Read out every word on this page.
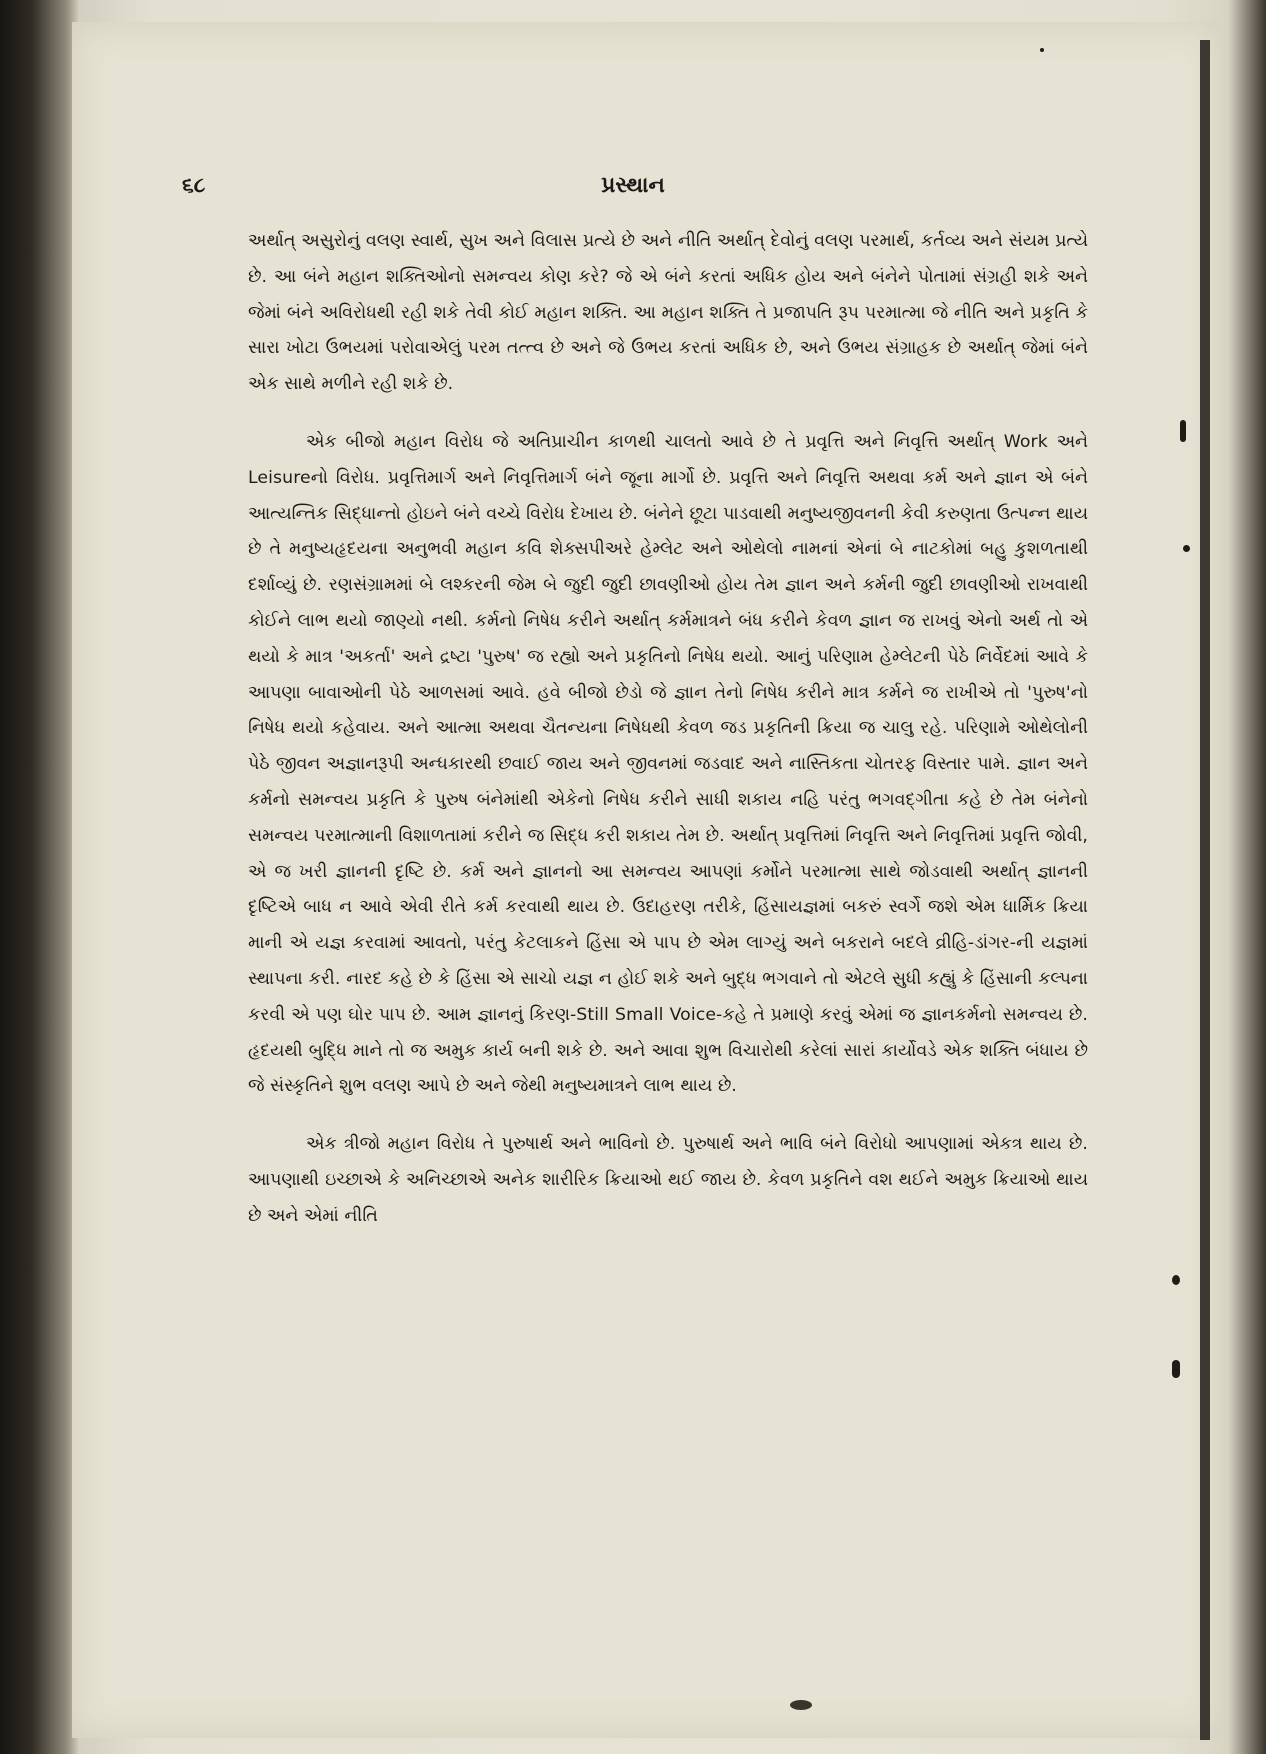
૬૮	પ્રસ્થાન

અર્થાત્ અસુરોનું વલણ સ્વાર્થ, સુખ અને વિલાસ પ્રત્યે છે અને નીતિ અર્થાત્ દેવોનું વલણ પરમાર્થ, કર્તવ્ય અને સંયમ પ્રત્યે છે. આ બંને મહાન શક્તિઓનો સમન્વય કોણ કરે? જે એ બંને કરતાં અધિક હોય અને બંનેને પોતામાં સંગ્રહી શકે અને જેમાં બંને અવિરોધથી રહી શકે તેવી કોઈ મહાન શક્તિ. આ મહાન શક્તિ તે પ્રજાપતિ રૂપ પરમાત્મા જે નીતિ અને પ્રકૃતિ કે સારા ખોટા ઉભયમાં પરોવાએલું પરમ તત્ત્વ છે અને જે ઉભય કરતાં અધિક છે, અને ઉભય સંગ્રાહક છે અર્થાત્ જેમાં બંને એક સાથે મળીને રહી શકે છે.

એક બીજો મહાન વિરોધ જે અતિપ્રાચીન કાળથી ચાલતો આવે છે તે પ્રવૃત્તિ અને નિવૃત્તિ અર્થાત્ Work અને Leisureનો વિરોધ. પ્રવૃત્તિમાર્ગ અને નિવૃત્તિમાર્ગ બંને જૂના માર્ગો છે. પ્રવૃત્તિ અને નિવૃત્તિ અથવા કર્મ અને જ્ઞાન એ બંને આત્યન્તિક સિદ્ધાન્તો હોઇને બંને વચ્ચે વિરોધ દેખાય છે. બંનેને છૂટા પાડવાથી મનુષ્યજીવનની કેવી કરુણતા ઉત્પન્ન થાય છે તે મનુષ્યહૃદયના અનુભવી મહાન કવિ શેક્સપીઅરે હેમ્લેટ અને ઓથેલો નામનાં એનાં બે નાટકોમાં બહુ કુશળતાથી દર્શાવ્યું છે. રણસંગ્રામમાં બે લશ્કરની જેમ બે જુદી જુદી છાવણીઓ હોય તેમ જ્ઞાન અને કર્મની જુદી છાવણીઓ રાખવાથી કોઈને લાભ થયો જાણ્યો નથી. કર્મનો નિષેધ કરીને અર્થાત્ કર્મમાત્રને બંધ કરીને કેવળ જ્ઞાન જ રાખવું એનો અર્થ તો એ થયો કે માત્ર 'અકર્તા' અને દ્રષ્ટા 'પુરુષ' જ રહ્યો અને પ્રકૃતિનો નિષેધ થયો. આનું પરિણામ હેમ્લેટની પેઠે નિર્વેદમાં આવે કે આપણા બાવાઓની પેઠે આળસમાં આવે. હવે બીજો છેડો જે જ્ઞાન તેનો નિષેધ કરીને માત્ર કર્મને જ રાખીએ તો 'પુરુષ'નો નિષેધ થયો કહેવાય. અને આત્મા અથવા ચૈતન્યના નિષેધથી કેવળ જડ પ્રકૃતિની ક્રિયા જ ચાલુ રહે. પરિણામે ઓથેલોની પેઠે જીવન અજ્ઞાનરૂપી અન્ધકારથી છવાઈ જાય અને જીવનમાં જડવાદ અને નાસ્તિકતા ચોતરફ વિસ્તાર પામે. જ્ઞાન અને કર્મનો સમન્વય પ્રકૃતિ કે પુરુષ બંનેમાંથી એકેનો નિષેધ કરીને સાધી શકાય નહિ પરંતુ ભગવદ્ગીતા કહે છે તેમ બંનેનો સમન્વય પરમાત્માની વિશાળતામાં કરીને જ સિદ્ધ કરી શકાય તેમ છે. અર્થાત્ પ્રવૃત્તિમાં નિવૃત્તિ અને નિવૃત્તિમાં પ્રવૃત્તિ જોવી, એ જ ખરી જ્ઞાનની દૃષ્ટિ છે. કર્મ અને જ્ઞાનનો આ સમન્વય આપણાં કર્મોને પરમાત્મા સાથે જોડવાથી અર્થાત્ જ્ઞાનની દૃષ્ટિએ બાધ ન આવે એવી રીતે કર્મ કરવાથી થાય છે. ઉદાહરણ તરીકે, હિંસાયજ્ઞમાં બકરું સ્વર્ગે જશે એમ ધાર્મિક ક્રિયા માની એ યજ્ઞ કરવામાં આવતો, પરંતુ કેટલાકને હિંસા એ પાપ છે એમ લાગ્યું અને બકરાને બદલે વ્રીહિ-ડાંગર-ની યજ્ઞમાં સ્થાપના કરી. નારદ કહે છે કે હિંસા એ સાચો યજ્ઞ ન હોઈ શકે અને બુદ્ધ ભગવાને તો એટલે સુધી કહ્યું કે હિંસાની કલ્પના કરવી એ પણ ઘોર પાપ છે. આમ જ્ઞાનનું કિરણ-Still Small Voice-કહે તે પ્રમાણે કરવું એમાં જ જ્ઞાનકર્મનો સમન્વય છે. હૃદયથી બુદ્ધિ માને તો જ અમુક કાર્ય બની શકે છે. અને આવા શુભ વિચારોથી કરેલાં સારાં કાર્યોવડે એક શક્તિ બંધાય છે જે સંસ્કૃતિને શુભ વલણ આપે છે અને જેથી મનુષ્યમાત્રને લાભ થાય છે.

એક ત્રીજો મહાન વિરોધ તે પુરુષાર્થ અને ભાવિનો છે. પુરુષાર્થ અને ભાવિ બંને વિરોધો આપણામાં એકત્ર થાય છે. આપણાથી ઇચ્છાએ કે અનિચ્છાએ અનેક શારીરિક ક્રિયાઓ થઈ જાય છે. કેવળ પ્રકૃતિને વશ થઈને અમુક ક્રિયાઓ થાય છે અને એમાં નીતિ
